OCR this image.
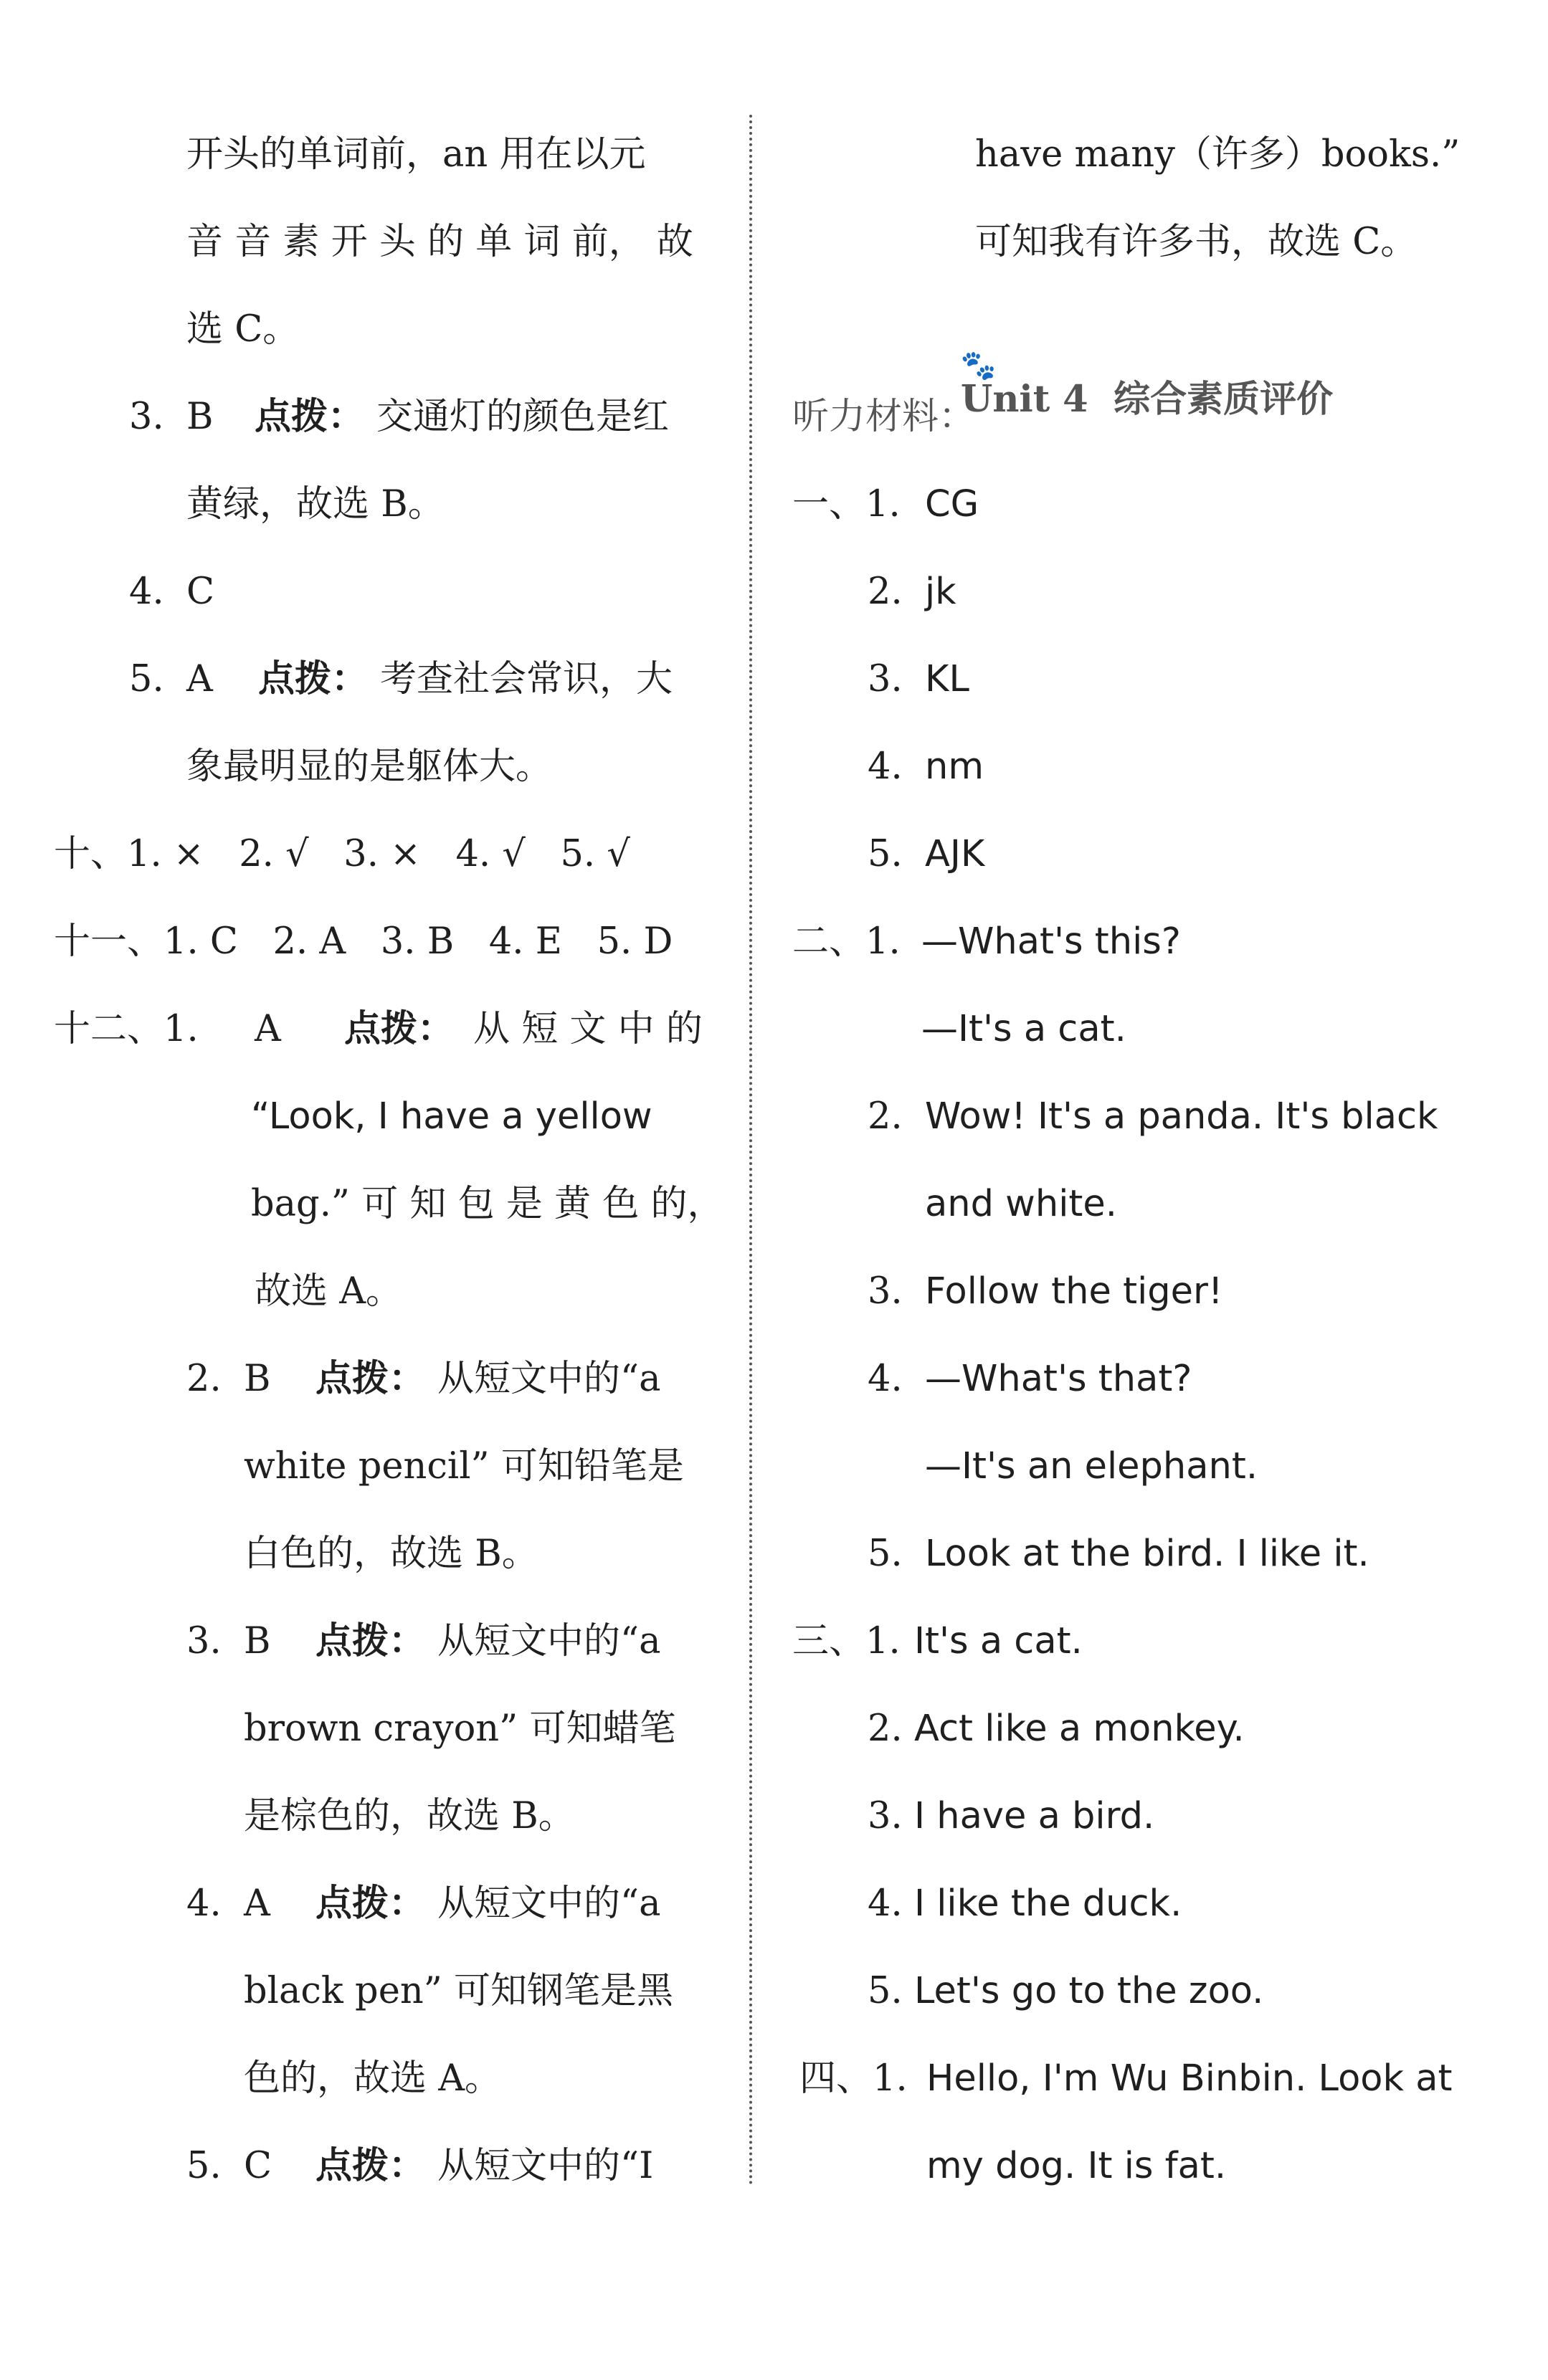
开头的单词前，an 用在以元
音 音 素 开 头 的 单 词 前， 故
选 C。
3. B 点拨： 交通灯的颜色是红
黄绿，故选 B。
4. C
5. A 点拨： 考查社会常识，大
象最明显的是躯体大。
十、1. ×   2. √   3. ×   4. √   5. √
十一、1. C   2. A   3. B   4. E   5. D
十二、1. A 点拨： 从 短 文 中 的
“Look, I have a yellow
bag.” 可 知 包 是 黄 色 的，
故选 A。
2. B 点拨： 从短文中的“a
white pencil” 可知铅笔是
白色的，故选 B。
3. B 点拨： 从短文中的“a
brown crayon” 可知蜡笔
是棕色的，故选 B。
4. A 点拨： 从短文中的“a
black pen” 可知钢笔是黑
色的，故选 A。
5. C 点拨： 从短文中的“I
have many（许多）books.”
可知我有许多书，故选 C。

🐾
Unit 4  综合素质评价

听力材料：
一、1. CG
2. jk
3. KL
4. nm
5. AJK
二、1. —What's this?
—It's a cat.
2. Wow! It's a panda. It's black
and white.
3. Follow the tiger!
4. —What's that?
—It's an elephant.
5. Look at the bird. I like it.
三、1. It's a cat.
2. Act like a monkey.
3. I have a bird.
4. I like the duck.
5. Let's go to the zoo.
四、1. Hello, I'm Wu Binbin. Look at
my dog. It is fat.
